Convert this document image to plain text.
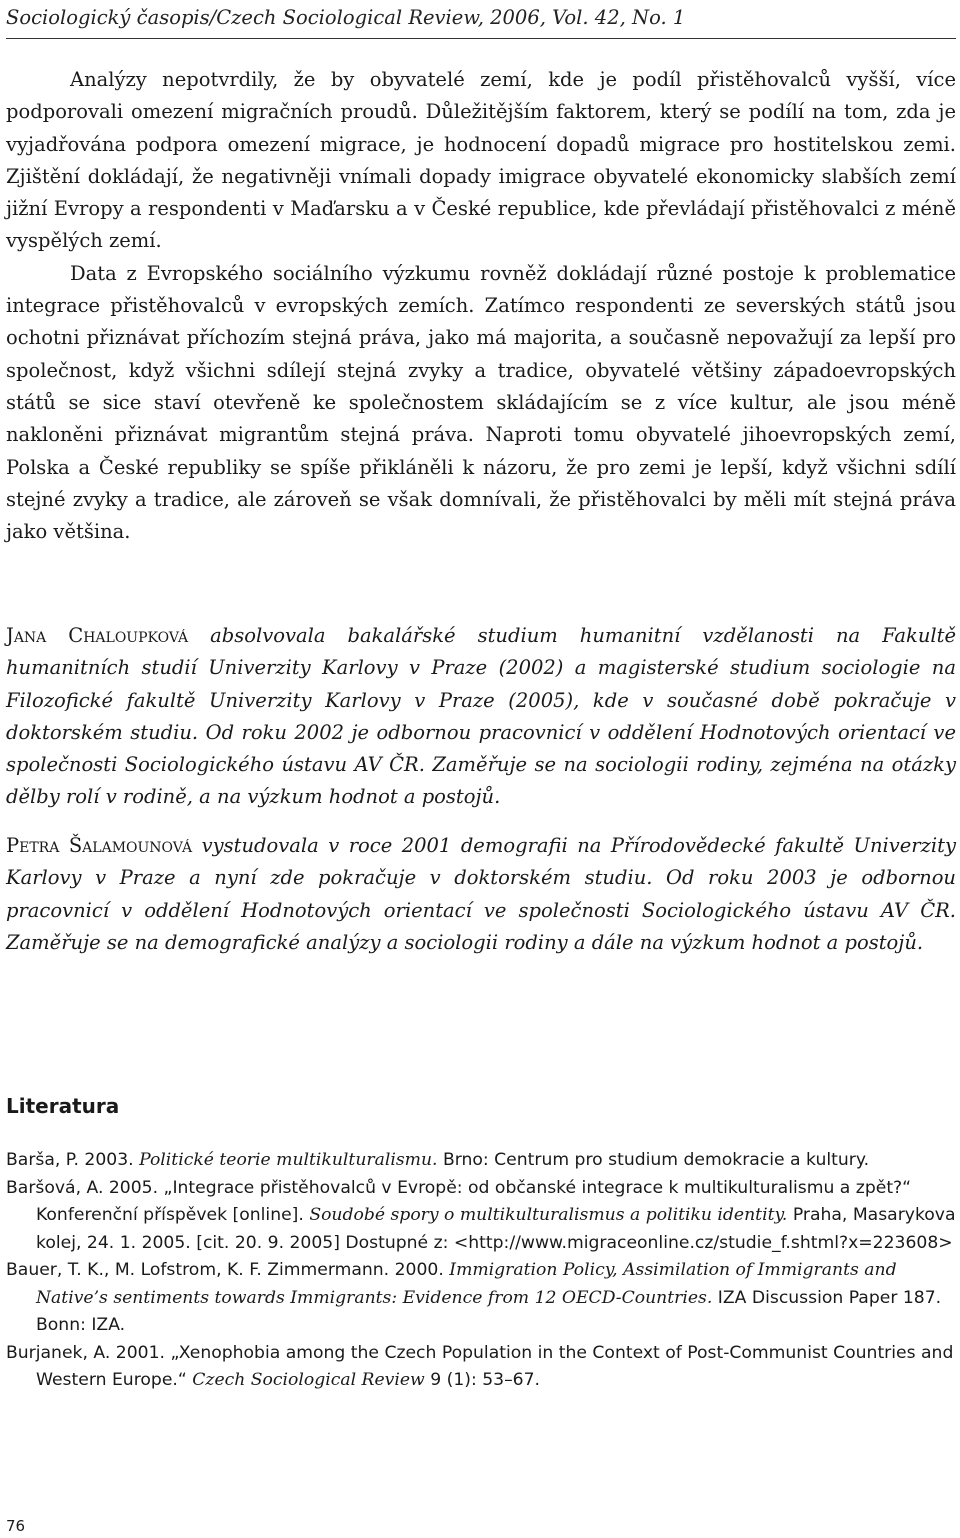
Sociologický časopis/Czech Sociological Review, 2006, Vol. 42, No. 1

Analýzy nepotvrdily, že by obyvatelé zemí, kde je podíl přistěhovalců vyšší, více podporovali omezení migračních proudů. Důležitějším faktorem, který se podílí na tom, zda je vyjadřována podpora omezení migrace, je hodnocení dopadů migrace pro hostitelskou zemi. Zjištění dokládají, že negativněji vnímali dopady imigrace obyvatelé ekonomicky slabších zemí jižní Evropy a respondenti v Maďarsku a v České republice, kde převládají přistěhovalci z méně vyspělých zemí.

Data z Evropského sociálního výzkumu rovněž dokládají různé postoje k problematice integrace přistěhovalců v evropských zemích. Zatímco respondenti ze severských států jsou ochotni přiznávat příchozím stejná práva, jako má majorita, a současně nepovažují za lepší pro společnost, když všichni sdílejí stejná zvyky a tradice, obyvatelé většiny západoevropských států se sice staví otevřeně ke společnostem skládajícím se z více kultur, ale jsou méně nakloněni přiznávat migrantům stejná práva. Naproti tomu obyvatelé jihoevropských zemí, Polska a České republiky se spíše přikláněli k názoru, že pro zemi je lepší, když všichni sdílí stejné zvyky a tradice, ale zároveň se však domnívali, že přistěhovalci by měli mít stejná práva jako většina.

Jana Chaloupková absolvovala bakalářské studium humanitní vzdělanosti na Fakultě humanitních studií Univerzity Karlovy v Praze (2002) a magisterské studium sociologie na Filozofické fakultě Univerzity Karlovy v Praze (2005), kde v současné době pokračuje v doktorském studiu. Od roku 2002 je odbornou pracovnicí v oddělení Hodnotových orientací ve společnosti Sociologického ústavu AV ČR. Zaměřuje se na sociologii rodiny, zejména na otázky dělby rolí v rodině, a na výzkum hodnot a postojů.

Petra Šalamounová vystudovala v roce 2001 demografii na Přírodovědecké fakultě Univerzity Karlovy v Praze a nyní zde pokračuje v doktorském studiu. Od roku 2003 je odbornou pracovnicí v oddělení Hodnotových orientací ve společnosti Sociologického ústavu AV ČR. Zaměřuje se na demografické analýzy a sociologii rodiny a dále na výzkum hodnot a postojů.

Literatura

Barša, P. 2003. Politické teorie multikulturalismu. Brno: Centrum pro studium demokracie a kultury.

Baršová, A. 2005. „Integrace přistěhovalců v Evropě: od občanské integrace k multikulturalismu a zpět?“ Konferenční příspěvek [online]. Soudobé spory o multikulturalismus a politiku identity. Praha, Masarykova kolej, 24. 1. 2005. [cit. 20. 9. 2005] Dostupné z: <http://www.migraceonline.cz/studie_f.shtml?x=223608>

Bauer, T. K., M. Lofstrom, K. F. Zimmermann. 2000. Immigration Policy, Assimilation of Immigrants and Native’s sentiments towards Immigrants: Evidence from 12 OECD-Countries. IZA Discussion Paper 187. Bonn: IZA.

Burjanek, A. 2001. „Xenophobia among the Czech Population in the Context of Post-Communist Countries and Western Europe.“ Czech Sociological Review 9 (1): 53–67.

76
